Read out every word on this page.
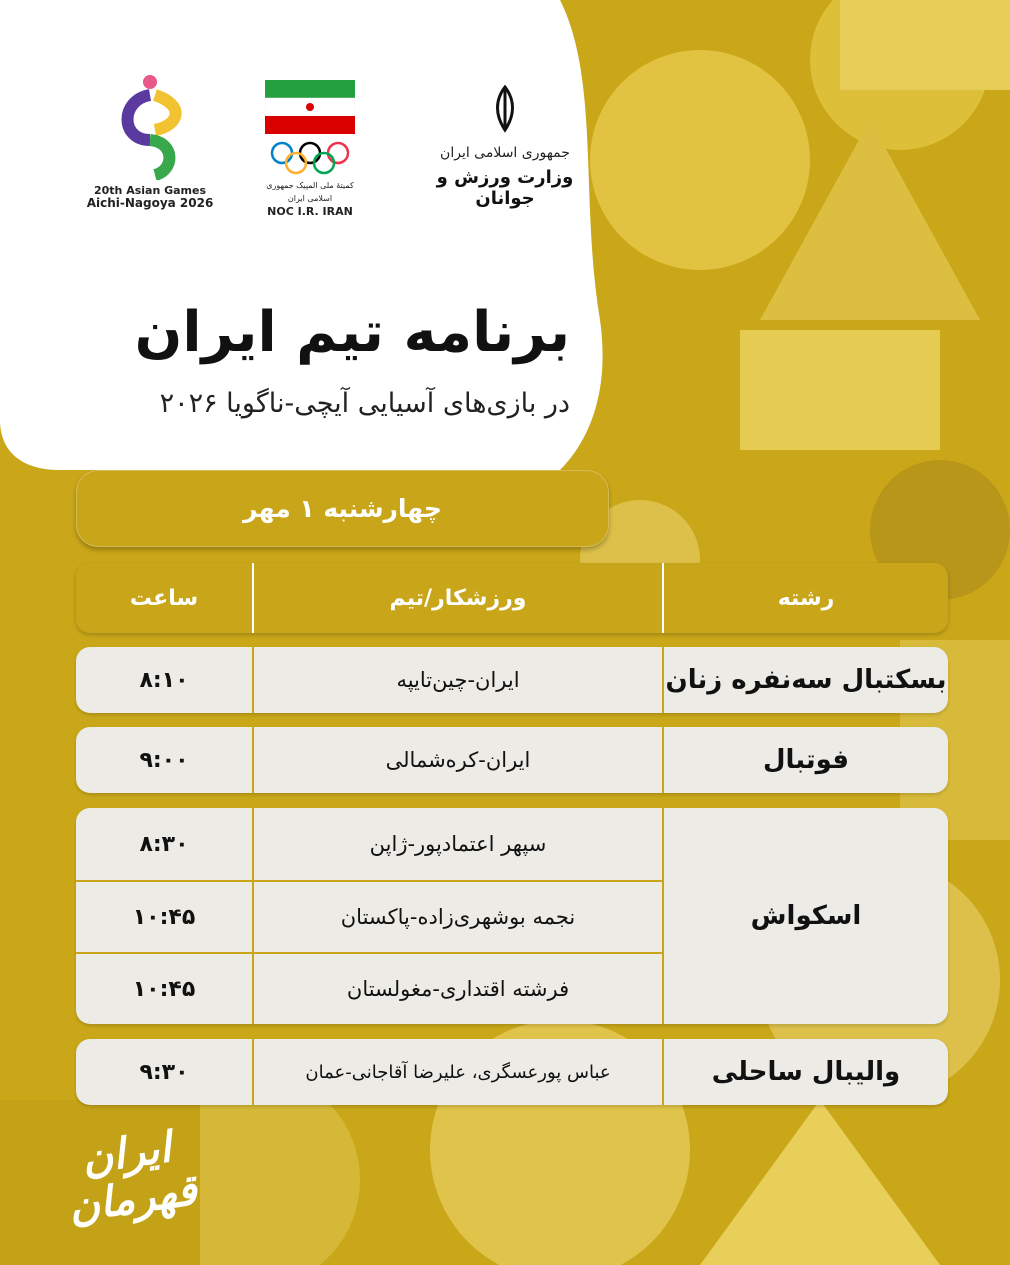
20th Asian Games
Aichi-Nagoya 2026
کمیتهٔ ملی المپیک جمهوری اسلامی ایران
NOC I.R. IRAN
جمهوری اسلامی ایران
وزارت ورزش و جوانان
برنامه تیم ایران
در بازی‌های آسیایی آیچی-ناگویا ۲۰۲۶
چهارشنبه ۱ مهر
ساعت	ورزشکار/تیم	رشته
۸:۱۰	ایران-چین‌تایپه	بسکتبال سه‌نفره زنان
۹:۰۰	ایران-کره‌شمالی	فوتبال
۸:۳۰	سپهر اعتمادپور-ژاپن
۱۰:۴۵	نجمه بوشهری‌زاده-پاکستان
۱۰:۴۵	فرشته اقتداری-مغولستان
اسکواش
۹:۳۰	عباس پورعسگری، علیرضا آقاجانی-عمان	والیبال ساحلی
ایران قهرمان
